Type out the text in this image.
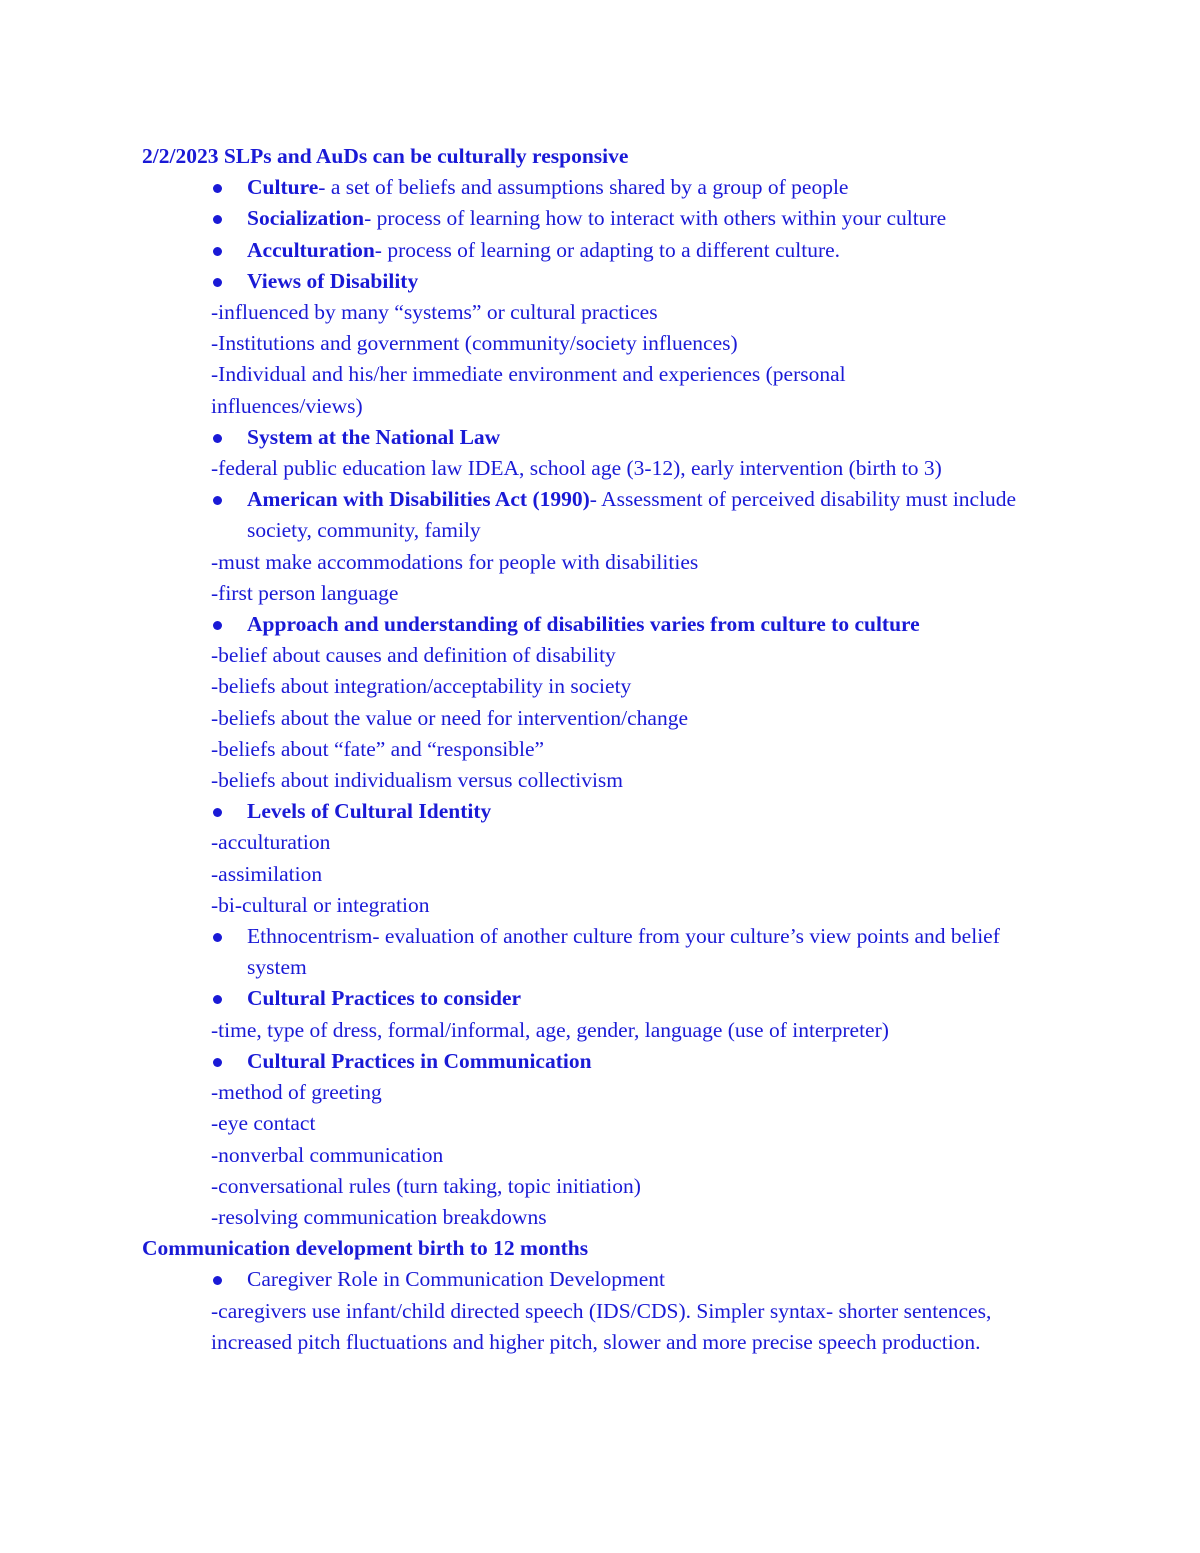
2/2/2023 SLPs and AuDs can be culturally responsive
Culture- a set of beliefs and assumptions shared by a group of people
Socialization- process of learning how to interact with others within your culture
Acculturation- process of learning or adapting to a different culture.
Views of Disability
-influenced by many “systems” or cultural practices
-Institutions and government (community/society influences)
-Individual and his/her immediate environment and experiences (personal influences/views)
System at the National Law
-federal public education law IDEA, school age (3-12), early intervention (birth to 3)
American with Disabilities Act (1990)- Assessment of perceived disability must include society, community, family
-must make accommodations for people with disabilities
-first person language
Approach and understanding of disabilities varies from culture to culture
-belief about causes and definition of disability
-beliefs about integration/acceptability in society
-beliefs about the value or need for intervention/change
-beliefs about “fate” and “responsible”
-beliefs about individualism versus collectivism
Levels of Cultural Identity
-acculturation
-assimilation
-bi-cultural or integration
Ethnocentrism- evaluation of another culture from your culture’s view points and belief system
Cultural Practices to consider
-time, type of dress, formal/informal, age, gender, language (use of interpreter)
Cultural Practices in Communication
-method of greeting
-eye contact
-nonverbal communication
-conversational rules (turn taking, topic initiation)
-resolving communication breakdowns
Communication development birth to 12 months
Caregiver Role in Communication Development
-caregivers use infant/child directed speech (IDS/CDS). Simpler syntax- shorter sentences, increased pitch fluctuations and higher pitch, slower and more precise speech production.
